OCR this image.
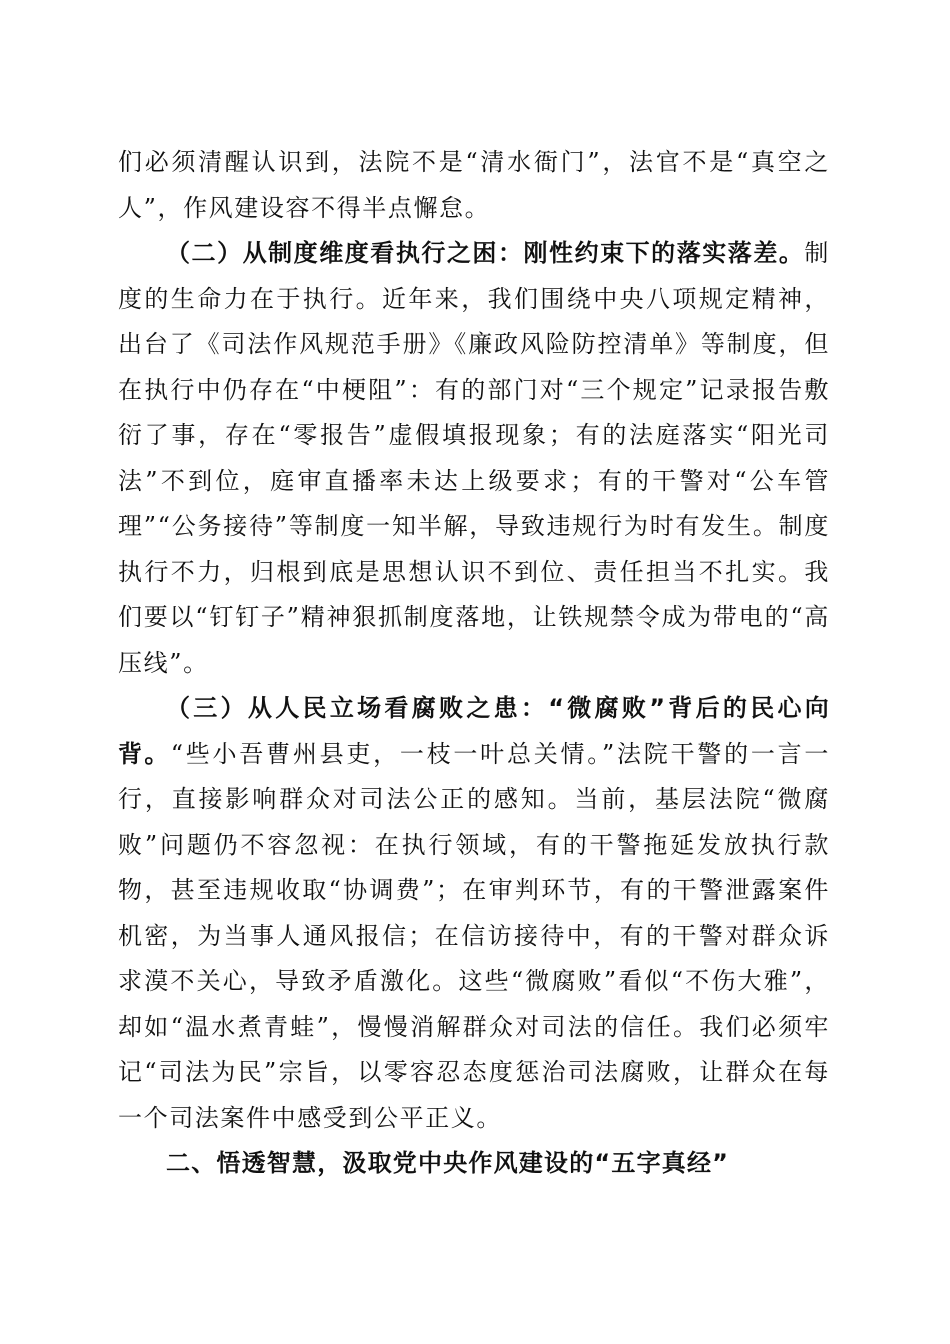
们必须清醒认识到，法院不是“清水衙门”，法官不是“真空之人”，作风建设容不得半点懈怠。

（二）从制度维度看执行之困：刚性约束下的落实落差。制度的生命力在于执行。近年来，我们围绕中央八项规定精神，出台了《司法作风规范手册》《廉政风险防控清单》等制度，但在执行中仍存在“中梗阻”：有的部门对“三个规定”记录报告敷衍了事，存在“零报告”虚假填报现象；有的法庭落实“阳光司法”不到位，庭审直播率未达上级要求；有的干警对“公车管理”“公务接待”等制度一知半解，导致违规行为时有发生。制度执行不力，归根到底是思想认识不到位、责任担当不扎实。我们要以“钉钉子”精神狠抓制度落地，让铁规禁令成为带电的“高压线”。

（三）从人民立场看腐败之患：“微腐败”背后的民心向背。“些小吾曹州县吏，一枝一叶总关情。”法院干警的一言一行，直接影响群众对司法公正的感知。当前，基层法院“微腐败”问题仍不容忽视：在执行领域，有的干警拖延发放执行款物，甚至违规收取“协调费”；在审判环节，有的干警泄露案件机密，为当事人通风报信；在信访接待中，有的干警对群众诉求漠不关心，导致矛盾激化。这些“微腐败”看似“不伤大雅”，却如“温水煮青蛙”，慢慢消解群众对司法的信任。我们必须牢记“司法为民”宗旨，以零容忍态度惩治司法腐败，让群众在每一个司法案件中感受到公平正义。

二、悟透智慧，汲取党中央作风建设的“五字真经”
